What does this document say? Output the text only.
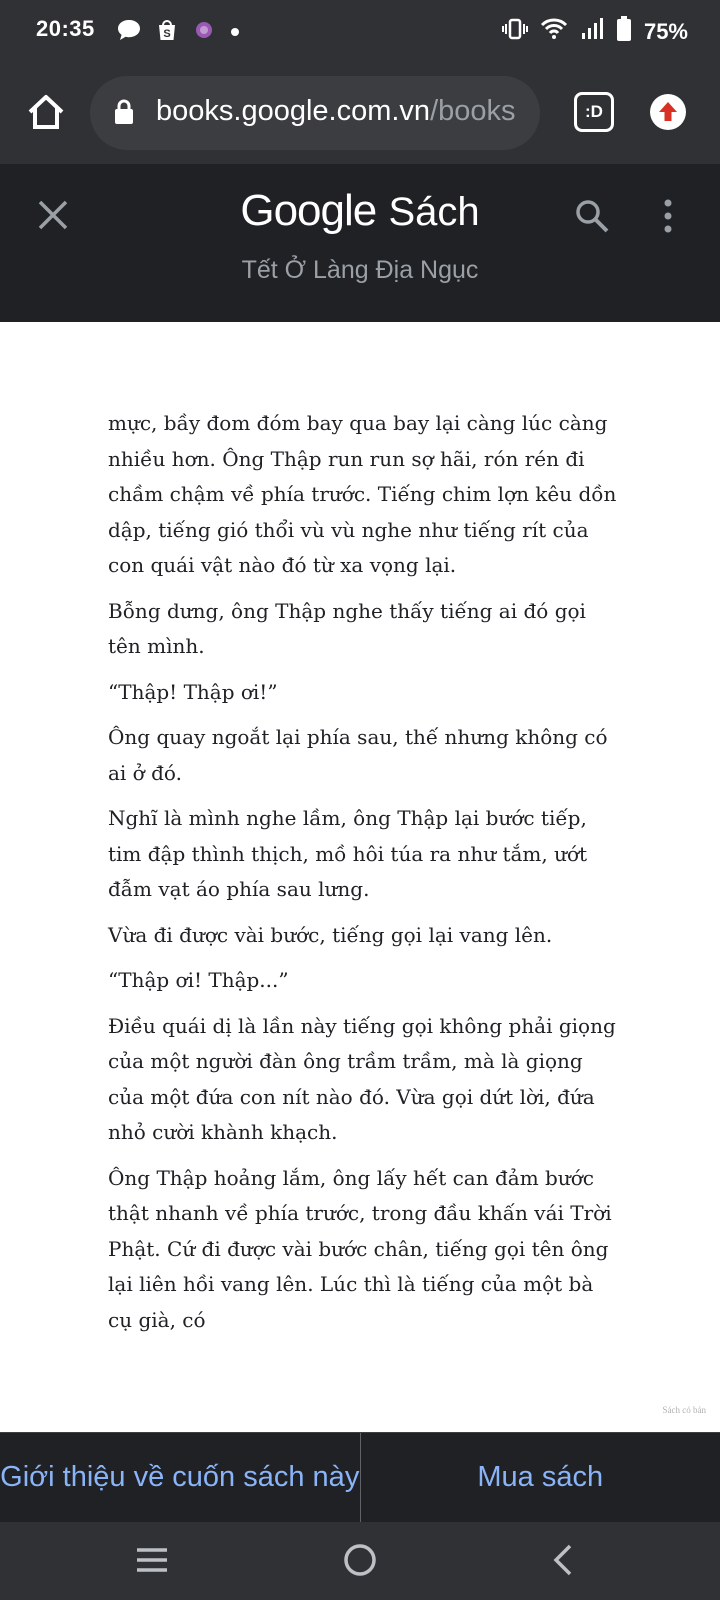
20:35	S	75%
books.google.com.vn/books	:D
Google Sách
Tết Ở Làng Địa Ngục

mực, bầy đom đóm bay qua bay lại càng lúc càng nhiều hơn. Ông Thập run run sợ hãi, rón rén đi chầm chậm về phía trước. Tiếng chim lợn kêu dồn dập, tiếng gió thổi vù vù nghe như tiếng rít của con quái vật nào đó từ xa vọng lại.

Bỗng dưng, ông Thập nghe thấy tiếng ai đó gọi tên mình.

“Thập! Thập ơi!”

Ông quay ngoắt lại phía sau, thế nhưng không có ai ở đó.

Nghĩ là mình nghe lầm, ông Thập lại bước tiếp, tim đập thình thịch, mồ hôi túa ra như tắm, ướt đẫm vạt áo phía sau lưng.

Vừa đi được vài bước, tiếng gọi lại vang lên.

“Thập ơi! Thập...”

Điều quái dị là lần này tiếng gọi không phải giọng của một người đàn ông trầm trầm, mà là giọng của một đứa con nít nào đó. Vừa gọi dứt lời, đứa nhỏ cười khành khạch.

Ông Thập hoảng lắm, ông lấy hết can đảm bước thật nhanh về phía trước, trong đầu khấn vái Trời Phật. Cứ đi được vài bước chân, tiếng gọi tên ông lại liên hồi vang lên. Lúc thì là tiếng của một bà cụ già, có

Sách có bản
Giới thiệu về cuốn sách này	Mua sách
